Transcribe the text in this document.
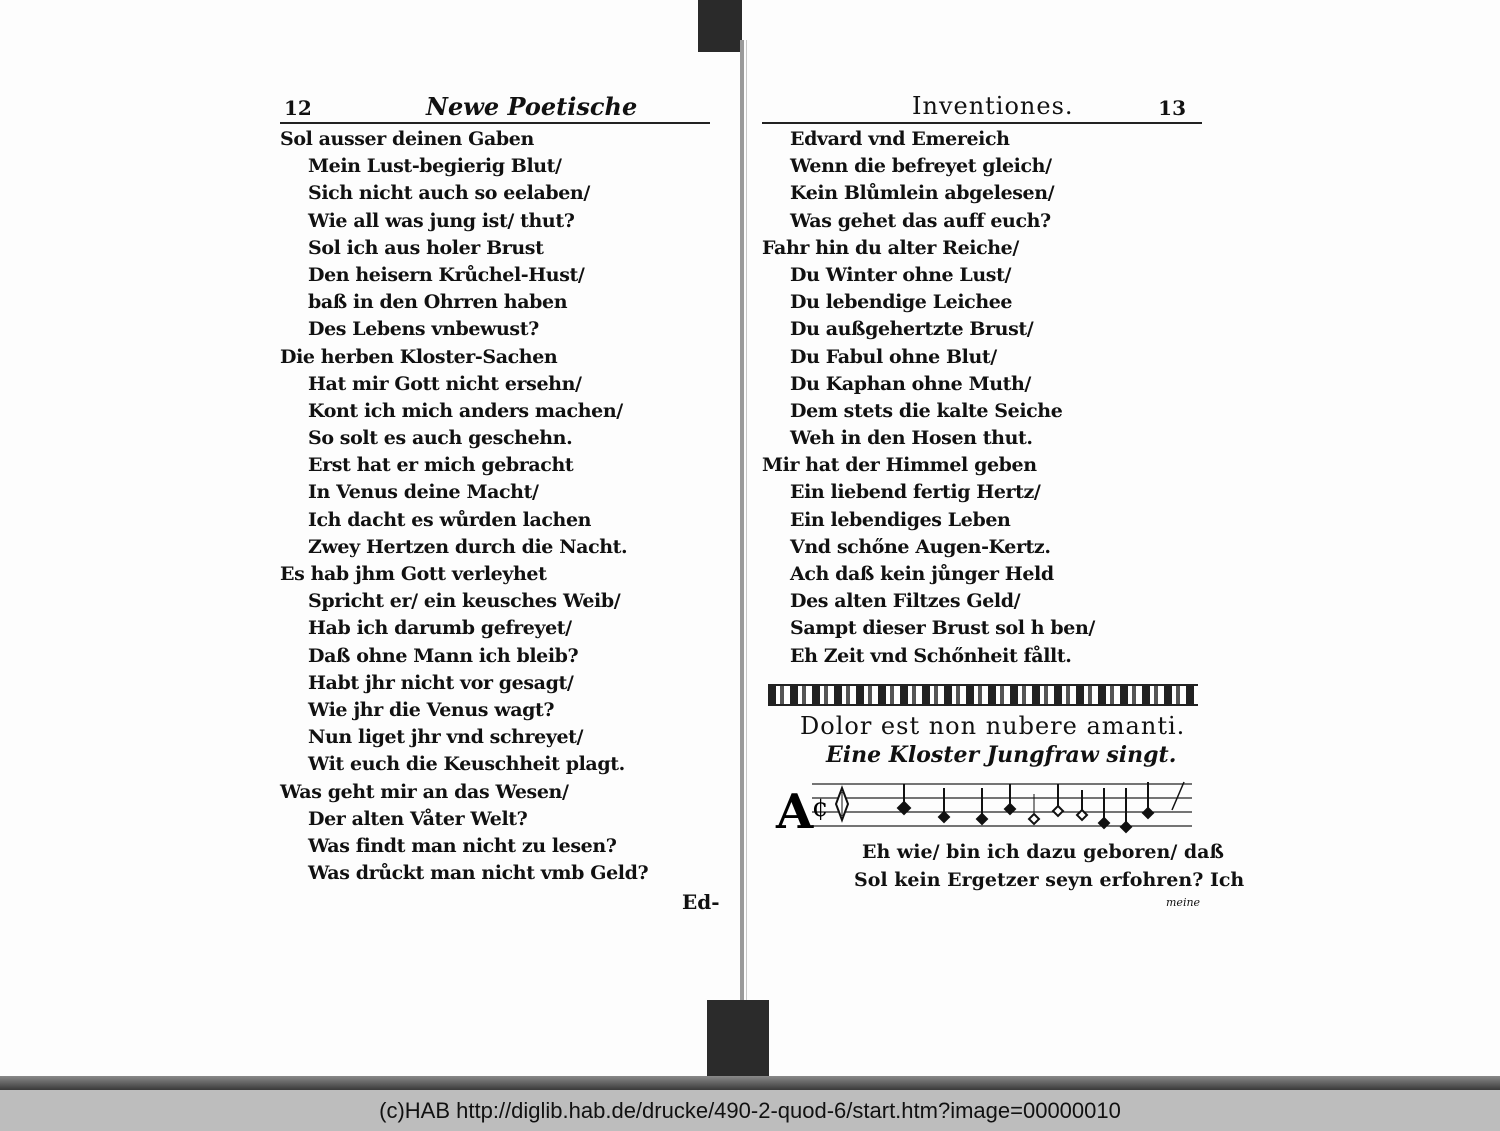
12	Newe Poetische
Sol ausser deinen Gaben
Mein Lust-begierig Blut/
Sich nicht auch so eelaben/
Wie all was jung ist/ thut?
Sol ich aus holer Brust
Den heisern Krůchel-Hust/
baß in den Ohrren haben
Des Lebens vnbewust?
Die herben Kloster-Sachen
Hat mir Gott nicht ersehn/
Kont ich mich anders machen/
So solt es auch geschehn.
Erst hat er mich gebracht
In Venus deine Macht/
Ich dacht es wůrden lachen
Zwey Hertzen durch die Nacht.
Es hab jhm Gott verleyhet
Spricht er/ ein keusches Weib/
Hab ich darumb gefreyet/
Daß ohne Mann ich bleib?
Habt jhr nicht vor gesagt/
Wie jhr die Venus wagt?
Nun liget jhr vnd schreyet/
Wit euch die Keuschheit plagt.
Was geht mir an das Wesen/
Der alten Våter Welt?
Was findt man nicht zu lesen?
Was drůckt man nicht vmb Geld?
Ed-
Inventiones.	13
Edvard vnd Emereich
Wenn die befreyet gleich/
Kein Blůmlein abgelesen/
Was gehet das auff euch?
Fahr hin du alter Reiche/
Du Winter ohne Lust/
Du lebendige Leichee
Du außgehertzte Brust/
Du Fabul ohne Blut/
Du Kaphan ohne Muth/
Dem stets die kalte Seiche
Weh in den Hosen thut.
Mir hat der Himmel geben
Ein liebend fertig Hertz/
Ein lebendiges Leben
Vnd schőne Augen-Kertz.
Ach daß kein jůnger Held
Des alten Filtzes Geld/
Sampt dieser Brust sol h ben/
Eh Zeit vnd Schőnheit fållt.
Dolor est non nubere amanti.
Eine Kloster Jungfraw singt.
A
¢
Eh wie/ bin ich dazu geboren/ daß
Sol kein Ergetzer seyn erfohren? Ich
meine
(c)HAB http://diglib.hab.de/drucke/490-2-quod-6/start.htm?image=00000010
